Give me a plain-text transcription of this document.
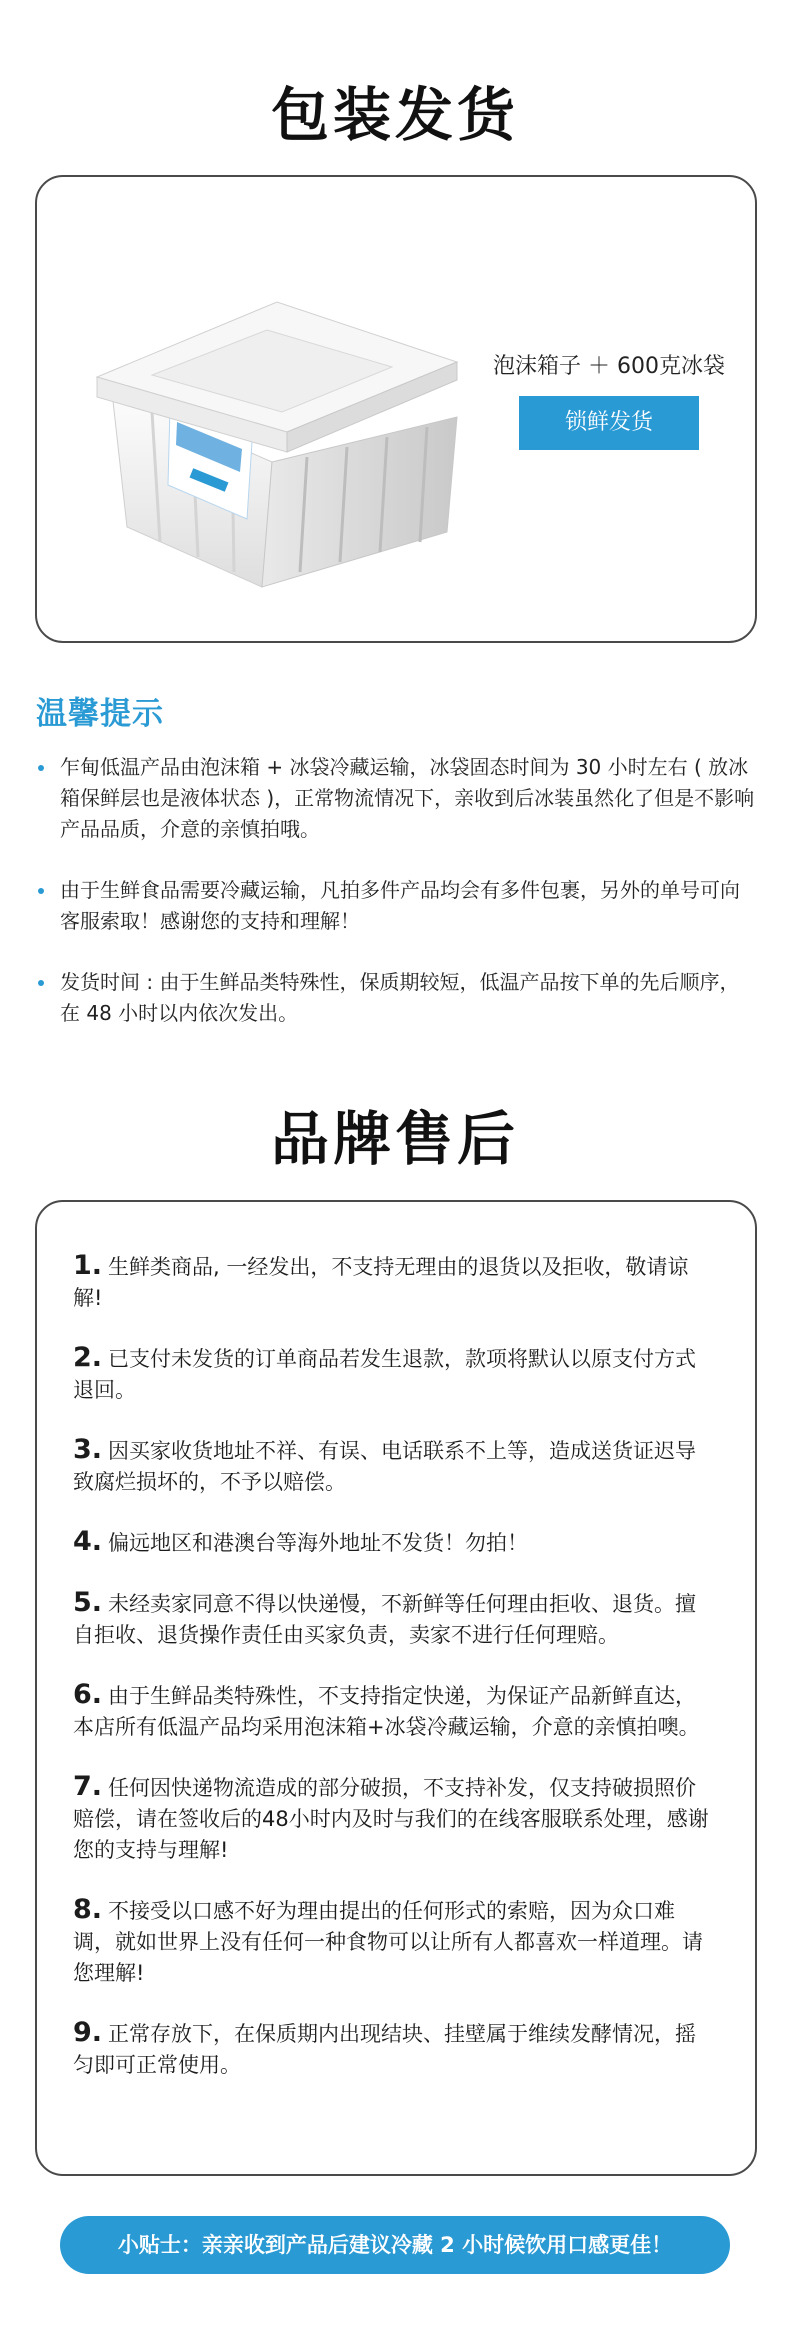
包装发货
泡沫箱子 ＋ 600克冰袋
锁鲜发货
温馨提示
乍甸低温产品由泡沫箱 + 冰袋冷藏运输，冰袋固态时间为 30 小时左右 ( 放冰箱保鲜层也是液体状态 )，正常物流情况下，亲收到后冰装虽然化了但是不影响产品品质，介意的亲慎拍哦。
由于生鲜食品需要冷藏运输，凡拍多件产品均会有多件包裹，另外的单号可向客服索取！感谢您的支持和理解！
发货时间 : 由于生鲜品类特殊性，保质期较短，低温产品按下单的先后顺序，在 48 小时以内依次发出。
品牌售后
1. 生鲜类商品, 一经发出，不支持无理由的退货以及拒收，敬请谅解!
2. 已支付未发货的订单商品若发生退款，款项将默认以原支付方式退回。
3. 因买家收货地址不祥、有误、电话联系不上等，造成送货证迟导致腐烂损坏的，不予以赔偿。
4. 偏远地区和港澳台等海外地址不发货！勿拍！
5. 未经卖家同意不得以快递慢，不新鲜等任何理由拒收、退货。擅自拒收、退货操作责任由买家负责，卖家不进行任何理赔。
6. 由于生鲜品类特殊性，不支持指定快递，为保证产品新鲜直达，本店所有低温产品均采用泡沫箱+冰袋冷藏运输，介意的亲慎拍噢。
7. 任何因快递物流造成的部分破损，不支持补发，仅支持破损照价赔偿，请在签收后的48小时内及时与我们的在线客服联系处理，感谢您的支持与理解!
8. 不接受以口感不好为理由提出的任何形式的索赔，因为众口难调，就如世界上没有任何一种食物可以让所有人都喜欢一样道理。请您理解!
9. 正常存放下，在保质期内出现结块、挂壁属于维续发酵情况，摇匀即可正常使用。
小贴士：亲亲收到产品后建议冷藏 2 小时候饮用口感更佳！
